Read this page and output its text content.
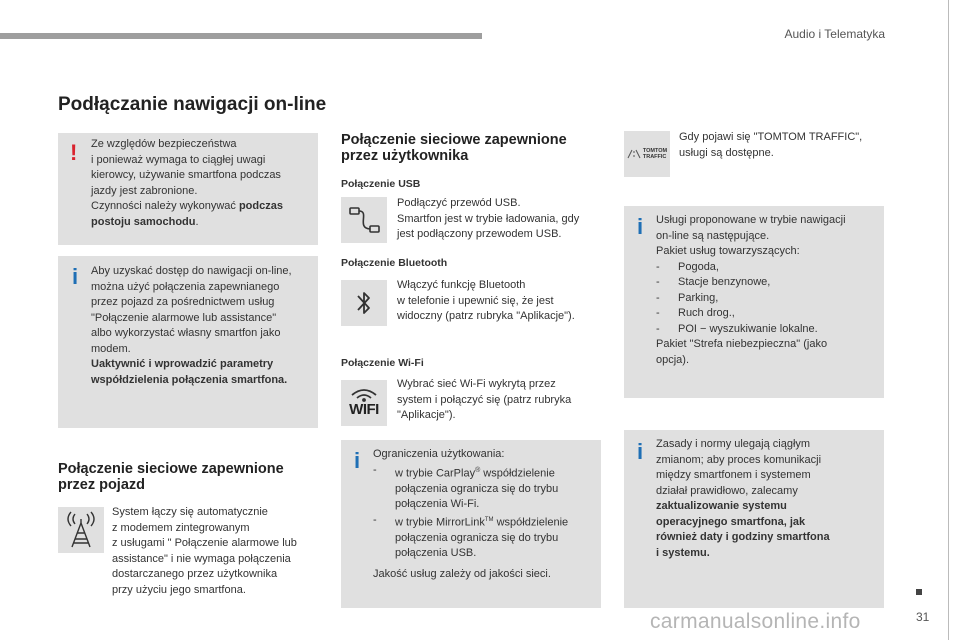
Audio i Telematyka
Podłączanie nawigacji on-line
! Ze względów bezpieczeństwa

i ponieważ wymaga to ciągłej uwagi

kierowcy, używanie smartfona podczas

jazdy jest zabronione.

Czynności należy wykonywać podczas

postoju samochodu.

i Aby uzyskać dostęp do nawigacji on-line,

można użyć połączenia zapewnianego

przez pojazd za pośrednictwem usług

"Połączenie alarmowe lub assistance"

albo wykorzystać własny smartfon jako

modem.

Uaktywnić i wprowadzić parametry

współdzielenia połączenia smartfona.

Połączenie sieciowe zapewnione
przez pojazd

System łączy się automatycznie

z modemem zintegrowanym

z usługami " Połączenie alarmowe lub

assistance" i nie wymaga połączenia

dostarczanego przez użytkownika

przy użyciu jego smartfona.

Połączenie sieciowe zapewnione
przez użytkownika
Połączenie USB

Podłączyć przewód USB.

Smartfon jest w trybie ładowania, gdy

jest podłączony przewodem USB.

Połączenie Bluetooth

Włączyć funkcję Bluetooth

w telefonie i upewnić się, że jest

widoczny (patrz rubryka "Aplikacje").

Połączenie Wi-Fi
WIFI

Wybrać sieć Wi-Fi wykrytą przez

system i połączyć się (patrz rubryka

"Aplikacje").

i Ograniczenia użytkowania:

- w trybie CarPlay® współdzielenie

połączenia ogranicza się do trybu

połączenia Wi-Fi.

- w trybie MirrorLink™ współdzielenie

połączenia ogranicza się do trybu

połączenia USB.

Jakość usług zależy od jakości sieci.

TOMTOM
TRAFFIC

Gdy pojawi się "TOMTOM TRAFFIC",

usługi są dostępne.

i Usługi proponowane w trybie nawigacji

on-line są następujące.

Pakiet usług towarzyszących:

- Pogoda,
- Stacje benzynowe,
- Parking,
- Ruch drog.,
- POI − wyszukiwanie lokalne.

Pakiet "Strefa niebezpieczna" (jako

opcja).

i Zasady i normy ulegają ciągłym

zmianom; aby proces komunikacji

między smartfonem i systemem

działał prawidłowo, zalecamy

zaktualizowanie systemu

operacyjnego smartfona, jak

również daty i godziny smartfona

i systemu.

31
carmanualsonline.info
